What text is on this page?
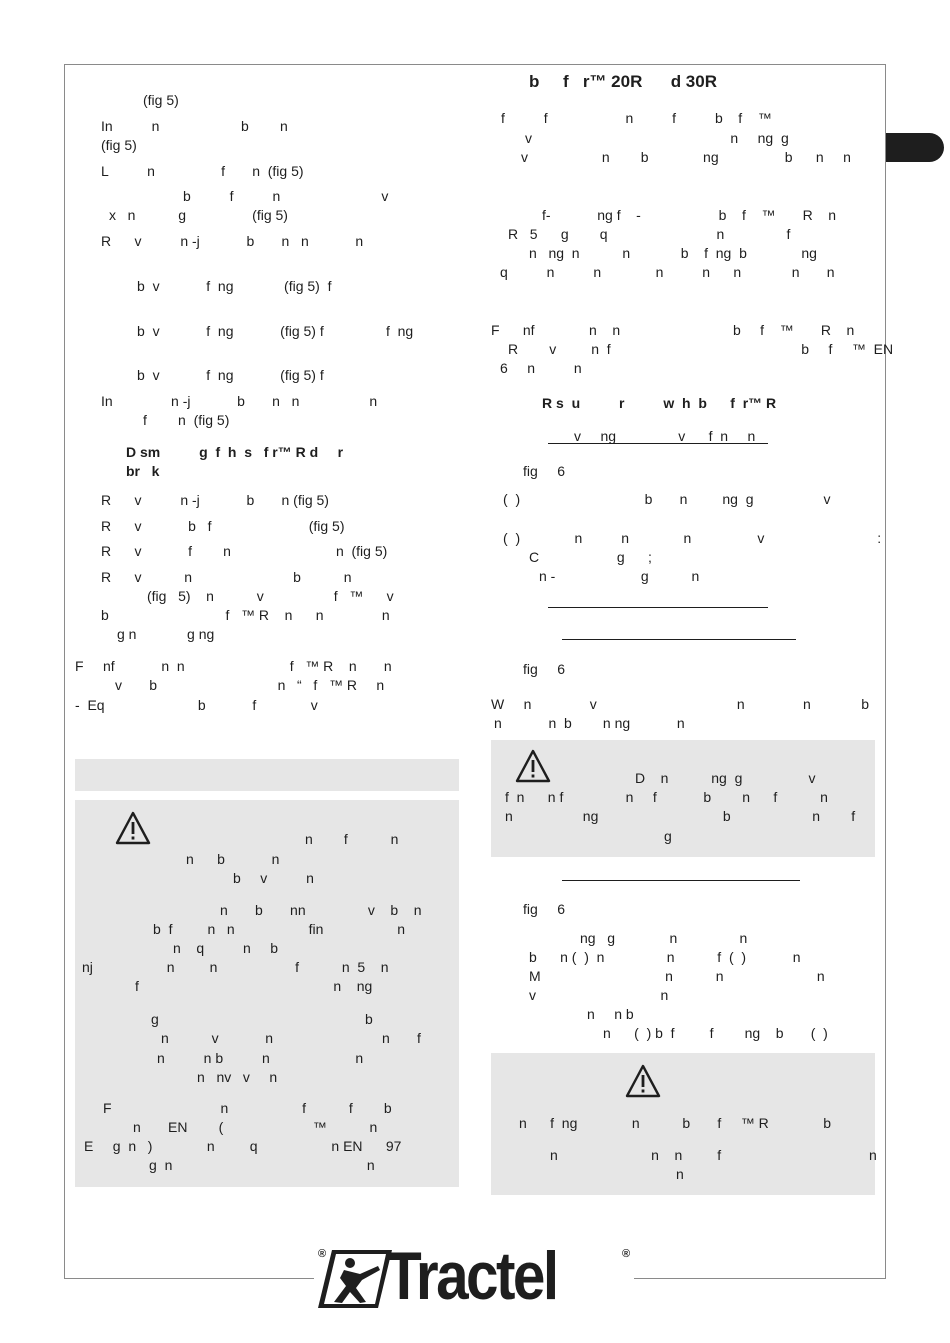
(fig 5)
In          n                     b        n
(fig 5)
L          n                 f       n  (fig 5)
b          f          n                          v
x   n           g                 (fig 5)
R      v          n -j            b       n   n            n
b  v            f  ng             (fig 5)  f
b  v            f  ng            (fig 5) f                f  ng
b  v            f  ng            (fig 5) f
In               n -j            b       n   n                  n
f        n  (fig 5)
D sm          g  f  h  s   f r™ R d     r
br   k
R      v          n -j            b       n (fig 5)
R      v            b   f                         (fig 5)
R      v            f        n                           n  (fig 5)
R      v           n                          b           n
(fig   5)    n           v                  f   ™      v
b                              f   ™ R    n      n               n
g n             g ng
F     nf            n  n                           f   ™ R    n       n
v       b                               n   “   f   ™ R     n
-  Eq                        b            f              v
n        f           n
n      b            n
b     v          n
n       b       nn                v    b    n
b  f         n   n                   fin                   n
n    q          n     b
nj                   n         n                    f           n  5    n
f                                                  n    ng
g                                                     b
n           v            n                            n       f
n          n b          n                      n
n   nv   v     n
F                            n                   f           f        b
n       EN        (                       ™           n
E     g  n   )              n         q                   n EN      97
g  n                                                  n
b     f   r™ 20R      d 30R
f          f                    n          f          b    f    ™
v                                                   n     ng  g
v                   n        b              ng                 b      n     n
f-            ng f    -                    b    f    ™       R    n
R   5      g        q                            n                f
n   ng  n           n             b    f  ng  b              ng
q          n          n              n          n      n             n       n
F      nf              n    n                             b     f    ™       R    n
R        v         n  f                                                 b     f     ™  EN
6     n          n
R s  u          r          w  h  b      f  r™ R
v     ng                v      f  n     n
fig     6
(  )                                b       n         ng  g                  v
(  )              n          n              n                 v                             :
C                    g      ;
n -                      g           n
fig     6
W     n               v                                    n               n             b
n            n  b        n ng            n
D    n           ng  g                 v
f  n      n f                n     f            b        n      f           n
n                  ng                                b                     n        f
g
fig     6
ng   g              n                n
b      n (  )  n                n           f  (  )            n
M                                n           n                        n
v                                n
n     n b
n      (  ) b  f         f        ng    b       (  )
n      f  ng              n           b       f     ™ R              b
n                        n    n         f                                      n
n
Tractel
®	®
